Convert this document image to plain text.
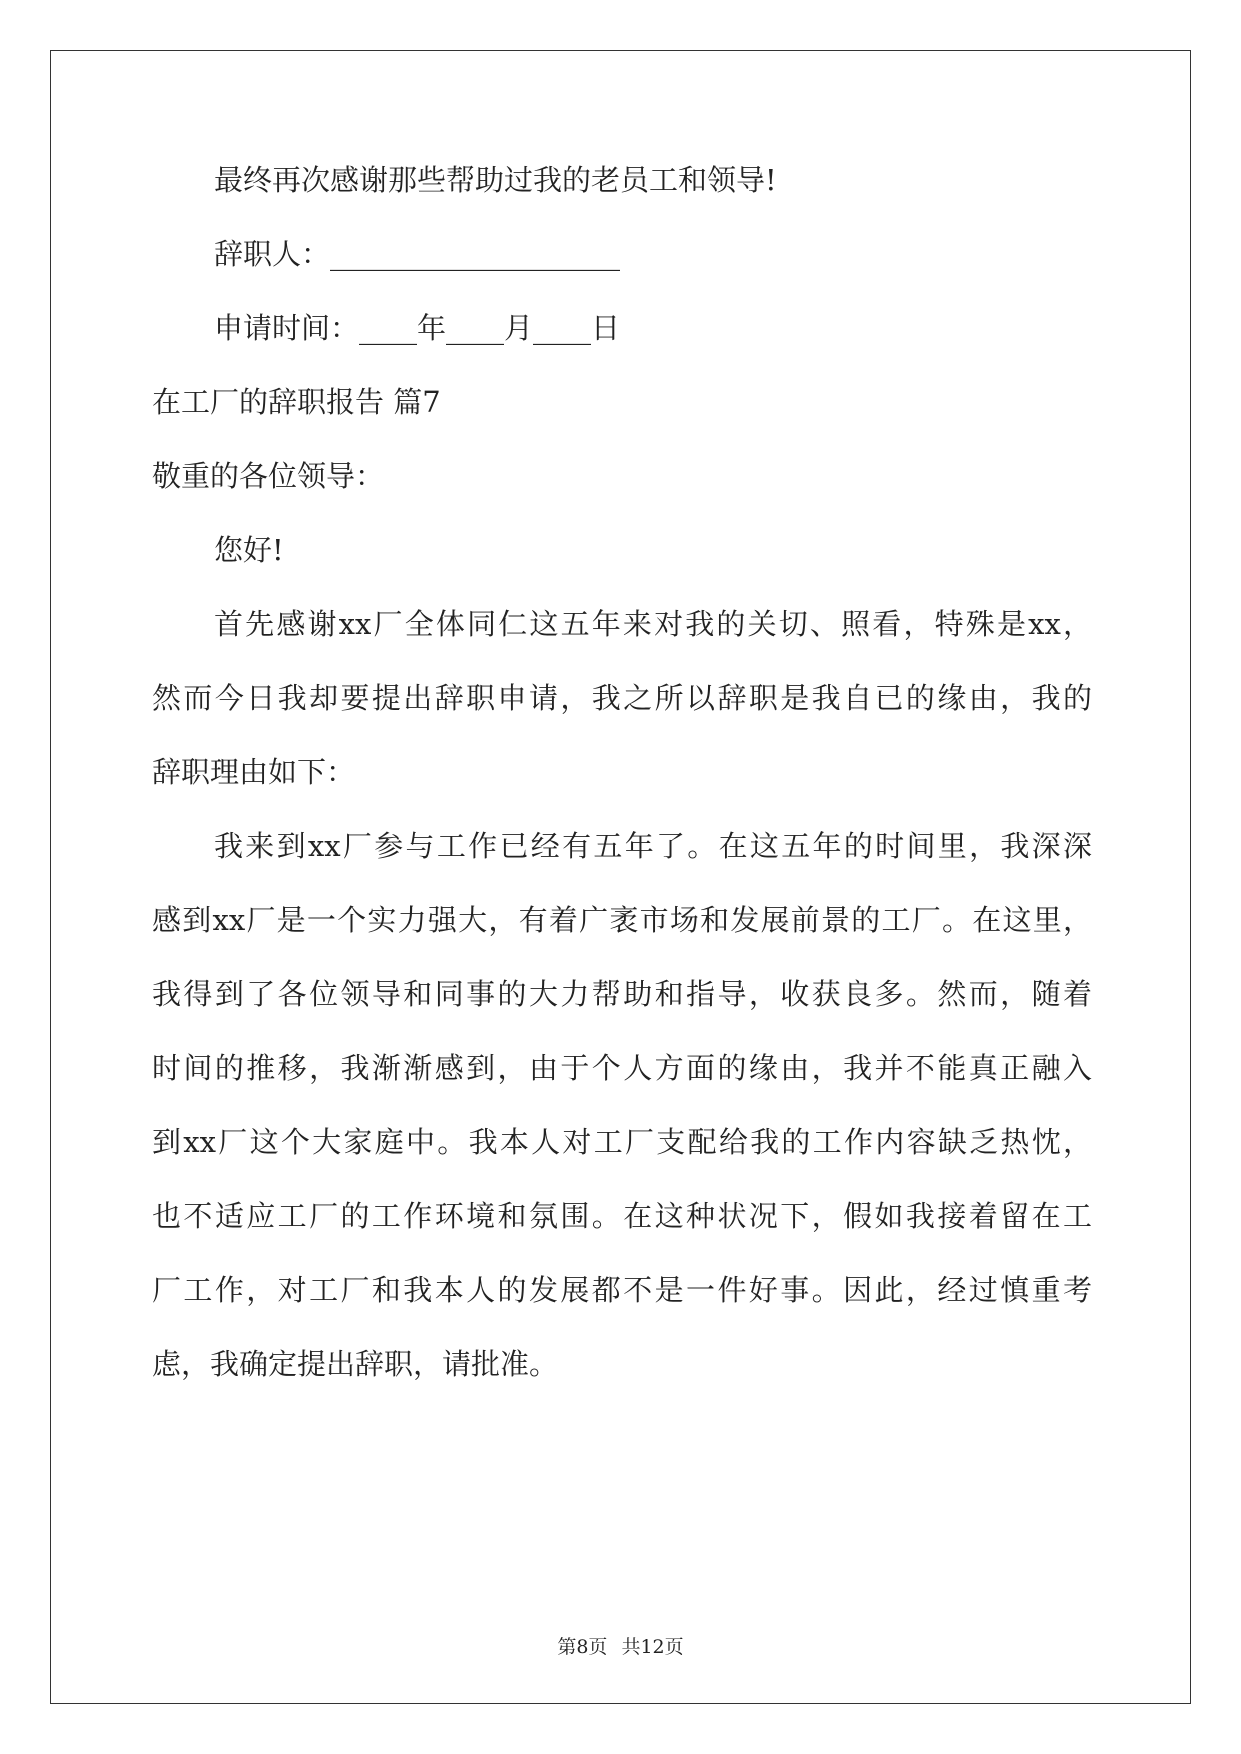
最终再次感谢那些帮助过我的老员工和领导!
辞职人：____________________
申请时间：____年____月____日
在工厂的辞职报告 篇7
敬重的各位领导：
您好!
首先感谢xx厂全体同仁这五年来对我的关切、照看，特殊是xx，
然而今日我却要提出辞职申请，我之所以辞职是我自已的缘由，我的
辞职理由如下：
我来到xx厂参与工作已经有五年了。在这五年的时间里，我深深
感到xx厂是一个实力强大，有着广袤市场和发展前景的工厂。在这里，
我得到了各位领导和同事的大力帮助和指导，收获良多。然而，随着
时间的推移，我渐渐感到，由于个人方面的缘由，我并不能真正融入
到xx厂这个大家庭中。我本人对工厂支配给我的工作内容缺乏热忱，
也不适应工厂的工作环境和氛围。在这种状况下，假如我接着留在工
厂工作，对工厂和我本人的发展都不是一件好事。因此，经过慎重考
虑，我确定提出辞职，请批准。
第8页 共12页
